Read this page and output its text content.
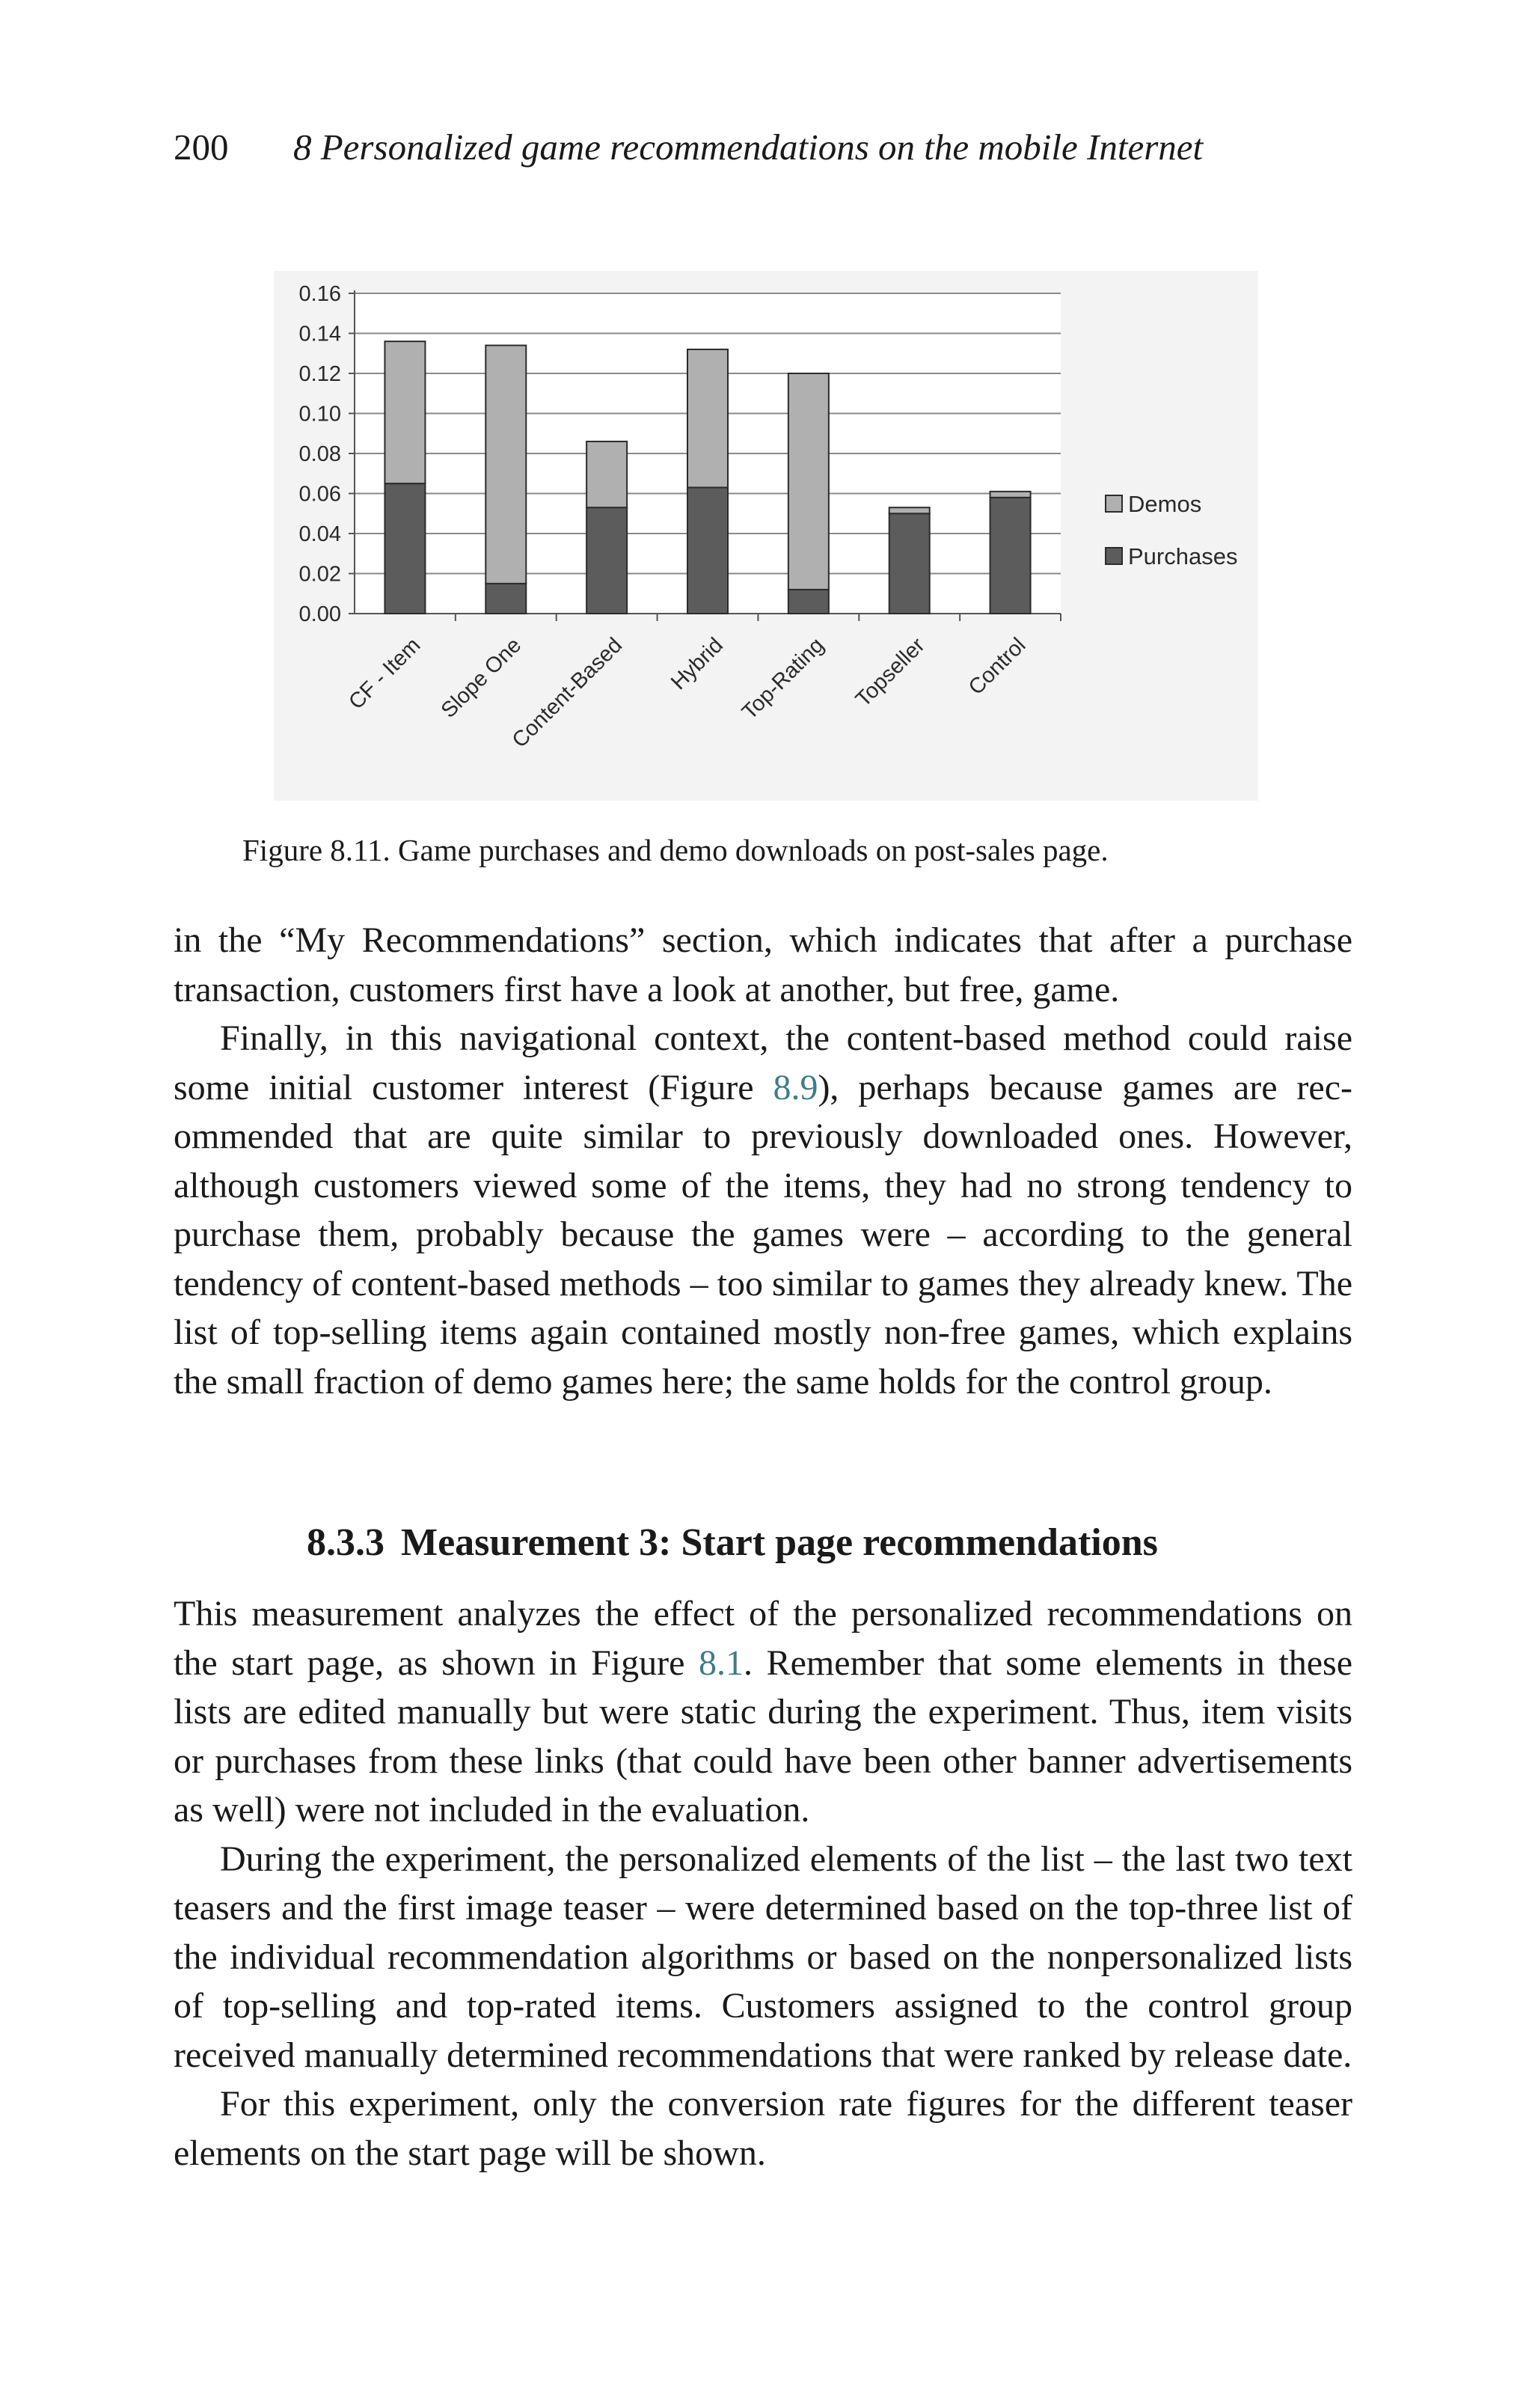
200 8 Personalized game recommendations on the mobile Internet
0.16
0.14
0.12
0.10
0.08
0.06
0.04
0.02
0.00
CF - Item Slope One
Content-Based Hybrid Top-Rating Topseller Control
Demos
Purchases
Figure 8.11. Game purchases and demo downloads on post-sales page.

in the “My Recommendations” section, which indicates that after a purchase transaction, customers first have a look at another, but free, game.

Finally, in this navigational context, the content-based method could raise some initial customer interest (Figure 8.9), perhaps because games are recommended that are quite similar to previously downloaded ones. However, although customers viewed some of the items, they had no strong tendency to purchase them, probably because the games were – according to the general tendency of content-based methods – too similar to games they already knew. The list of top-selling items again contained mostly non-free games, which explains the small fraction of demo games here; the same holds for the control group.

8.3.3 Measurement 3: Start page recommendations

This measurement analyzes the effect of the personalized recommendations on the start page, as shown in Figure 8.1. Remember that some elements in these lists are edited manually but were static during the experiment. Thus, item visits or purchases from these links (that could have been other banner advertisements as well) were not included in the evaluation.

During the experiment, the personalized elements of the list – the last two text teasers and the first image teaser – were determined based on the top-three list of the individual recommendation algorithms or based on the nonpersonalized lists of top-selling and top-rated items. Customers assigned to the control group received manually determined recommendations that were ranked by release date.

For this experiment, only the conversion rate figures for the different teaser elements on the start page will be shown.
